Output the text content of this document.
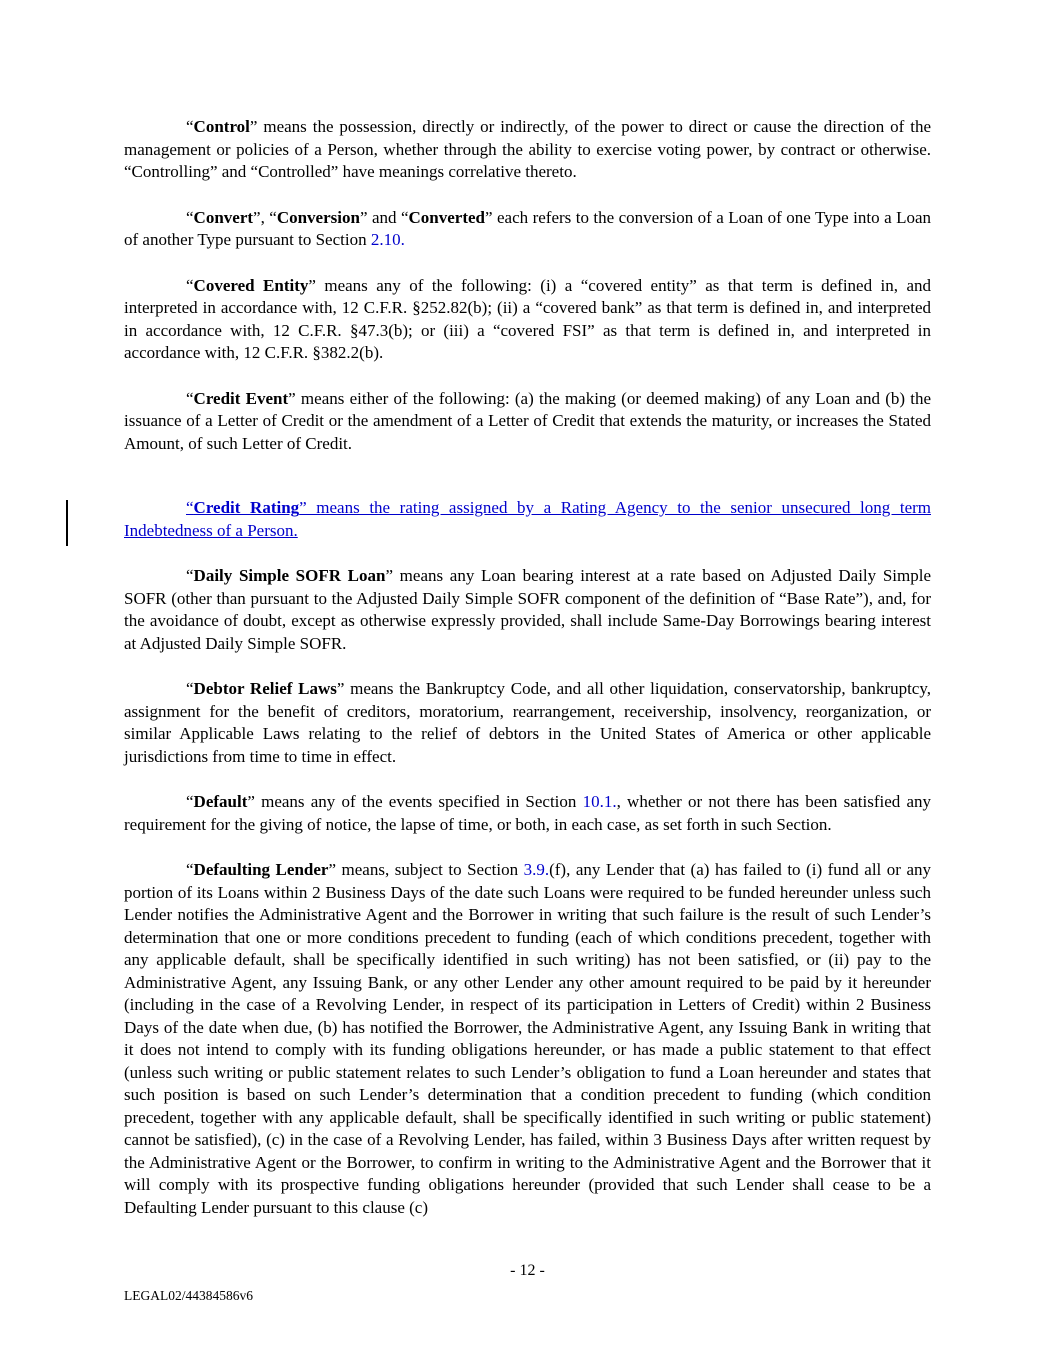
“Control” means the possession, directly or indirectly, of the power to direct or cause the direction of the management or policies of a Person, whether through the ability to exercise voting power, by contract or otherwise. “Controlling” and “Controlled” have meanings correlative thereto.

“Convert”, “Conversion” and “Converted” each refers to the conversion of a Loan of one Type into a Loan of another Type pursuant to Section 2.10.

“Covered Entity” means any of the following: (i) a “covered entity” as that term is defined in, and interpreted in accordance with, 12 C.F.R. §252.82(b); (ii) a “covered bank” as that term is defined in, and interpreted in accordance with, 12 C.F.R. §47.3(b); or (iii) a “covered FSI” as that term is defined in, and interpreted in accordance with, 12 C.F.R. §382.2(b).

“Credit Event” means either of the following: (a) the making (or deemed making) of any Loan and (b) the issuance of a Letter of Credit or the amendment of a Letter of Credit that extends the maturity, or increases the Stated Amount, of such Letter of Credit.

“Credit Rating” means the rating assigned by a Rating Agency to the senior unsecured long term Indebtedness of a Person.

“Daily Simple SOFR Loan” means any Loan bearing interest at a rate based on Adjusted Daily Simple SOFR (other than pursuant to the Adjusted Daily Simple SOFR component of the definition of “Base Rate”), and, for the avoidance of doubt, except as otherwise expressly provided, shall include Same-Day Borrowings bearing interest at Adjusted Daily Simple SOFR.

“Debtor Relief Laws” means the Bankruptcy Code, and all other liquidation, conservatorship, bankruptcy, assignment for the benefit of creditors, moratorium, rearrangement, receivership, insolvency, reorganization, or similar Applicable Laws relating to the relief of debtors in the United States of America or other applicable jurisdictions from time to time in effect.

“Default” means any of the events specified in Section 10.1., whether or not there has been satisfied any requirement for the giving of notice, the lapse of time, or both, in each case, as set forth in such Section.

“Defaulting Lender” means, subject to Section 3.9.(f), any Lender that (a) has failed to (i) fund all or any portion of its Loans within 2 Business Days of the date such Loans were required to be funded hereunder unless such Lender notifies the Administrative Agent and the Borrower in writing that such failure is the result of such Lender’s determination that one or more conditions precedent to funding (each of which conditions precedent, together with any applicable default, shall be specifically identified in such writing) has not been satisfied, or (ii) pay to the Administrative Agent, any Issuing Bank, or any other Lender any other amount required to be paid by it hereunder (including in the case of a Revolving Lender, in respect of its participation in Letters of Credit) within 2 Business Days of the date when due, (b) has notified the Borrower, the Administrative Agent, any Issuing Bank in writing that it does not intend to comply with its funding obligations hereunder, or has made a public statement to that effect (unless such writing or public statement relates to such Lender’s obligation to fund a Loan hereunder and states that such position is based on such Lender’s determination that a condition precedent to funding (which condition precedent, together with any applicable default, shall be specifically identified in such writing or public statement) cannot be satisfied), (c) in the case of a Revolving Lender, has failed, within 3 Business Days after written request by the Administrative Agent or the Borrower, to confirm in writing to the Administrative Agent and the Borrower that it will comply with its prospective funding obligations hereunder (provided that such Lender shall cease to be a Defaulting Lender pursuant to this clause (c)

- 12 -
LEGAL02/44384586v6
